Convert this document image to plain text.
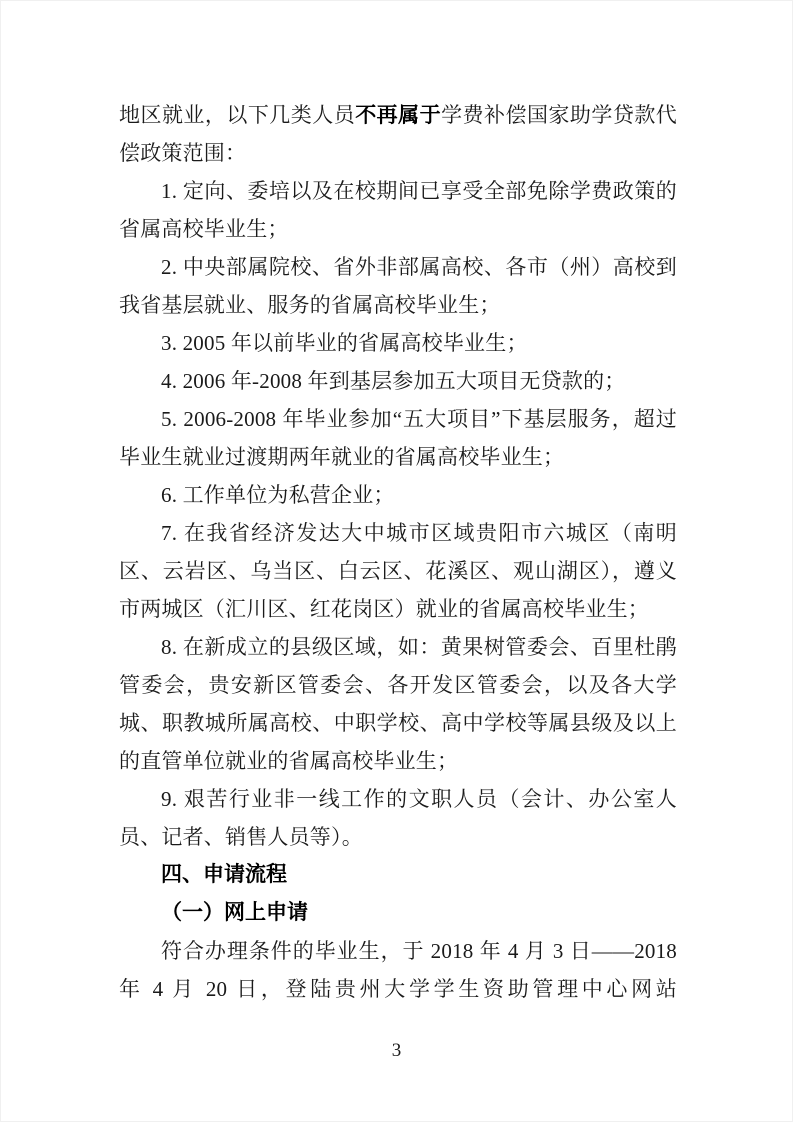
地区就业，以下几类人员不再属于学费补偿国家助学贷款代偿政策范围：

1. 定向、委培以及在校期间已享受全部免除学费政策的省属高校毕业生；

2. 中央部属院校、省外非部属高校、各市（州）高校到我省基层就业、服务的省属高校毕业生；

3. 2005 年以前毕业的省属高校毕业生；

4. 2006 年-2008 年到基层参加五大项目无贷款的；

5. 2006-2008 年毕业参加“五大项目”下基层服务，超过毕业生就业过渡期两年就业的省属高校毕业生；

6. 工作单位为私营企业；

7. 在我省经济发达大中城市区域贵阳市六城区（南明区、云岩区、乌当区、白云区、花溪区、观山湖区），遵义市两城区（汇川区、红花岗区）就业的省属高校毕业生；

8. 在新成立的县级区域，如：黄果树管委会、百里杜鹃管委会，贵安新区管委会、各开发区管委会，以及各大学城、职教城所属高校、中职学校、高中学校等属县级及以上的直管单位就业的省属高校毕业生；

9. 艰苦行业非一线工作的文职人员（会计、办公室人员、记者、销售人员等）。

四、申请流程

（一）网上申请

符合办理条件的毕业生，于 2018 年 4 月 3 日——2018 年 4 月 20 日，登陆贵州大学学生资助管理中心网站

3
